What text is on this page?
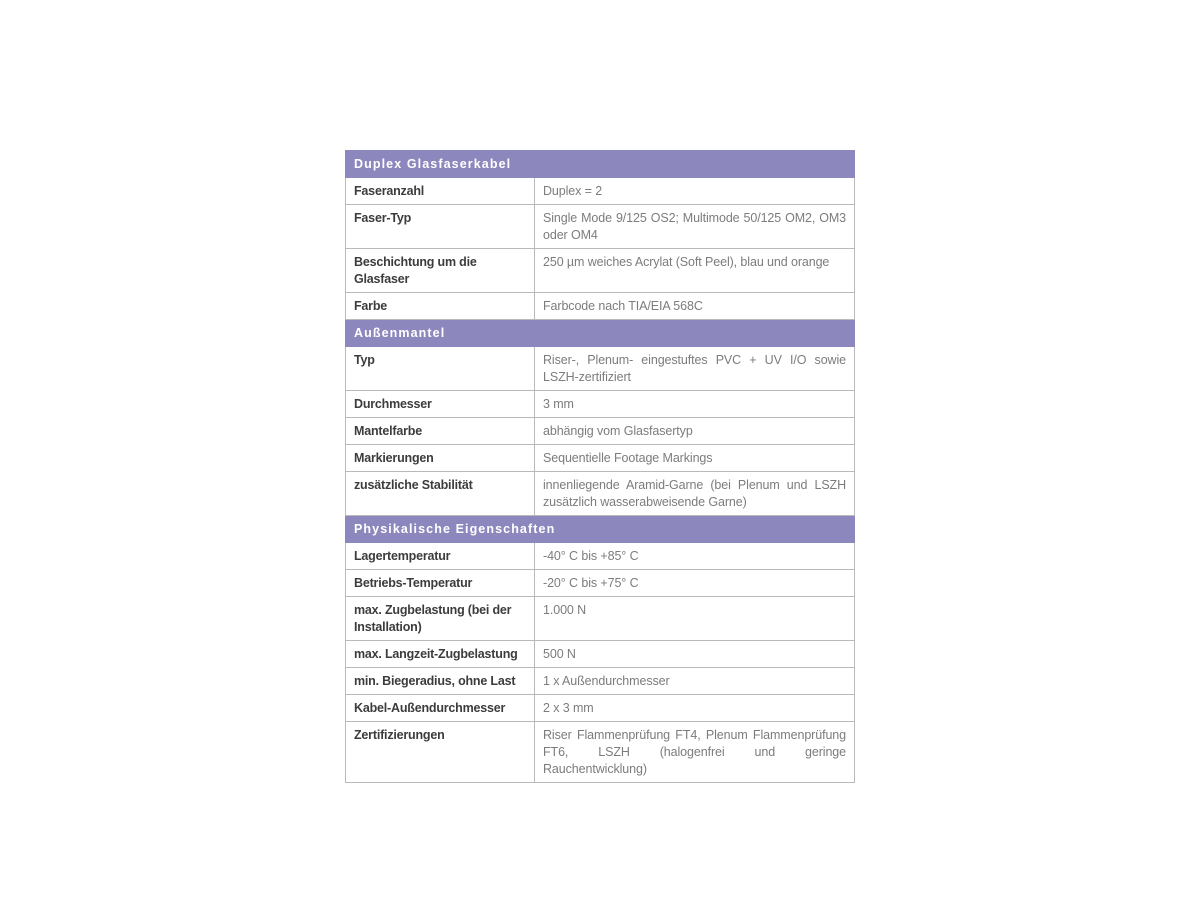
Duplex Glasfaserkabel	
Faseranzahl	Duplex = 2
Faser-Typ	Single Mode 9/125 OS2; Multimode 50/125 OM2, OM3 oder OM4
Beschichtung um die Glasfaser	250 µm weiches Acrylat (Soft Peel), blau und orange
Farbe	Farbcode nach TIA/EIA 568C
Außenmantel	
Typ	Riser-, Plenum- eingestuftes PVC + UV I/O sowie LSZH-zertifiziert
Durchmesser	3 mm
Mantelfarbe	abhängig vom Glasfasertyp
Markierungen	Sequentielle Footage Markings
zusätzliche Stabilität	innenliegende Aramid-Garne (bei Plenum und LSZH zusätzlich wasserabweisende Garne)
Physikalische Eigenschaften	
Lagertemperatur	-40° C bis +85° C
Betriebs-Temperatur	-20° C bis +75° C
max. Zugbelastung (bei der Installation)	1.000 N
max. Langzeit-Zugbelastung	500 N
min. Biegeradius, ohne Last	1 x Außendurchmesser
Kabel-Außendurchmesser	2 x 3 mm
Zertifizierungen	Riser Flammenprüfung FT4, Plenum Flammenprüfung FT6, LSZH (halogenfrei und geringe Rauchentwicklung)
